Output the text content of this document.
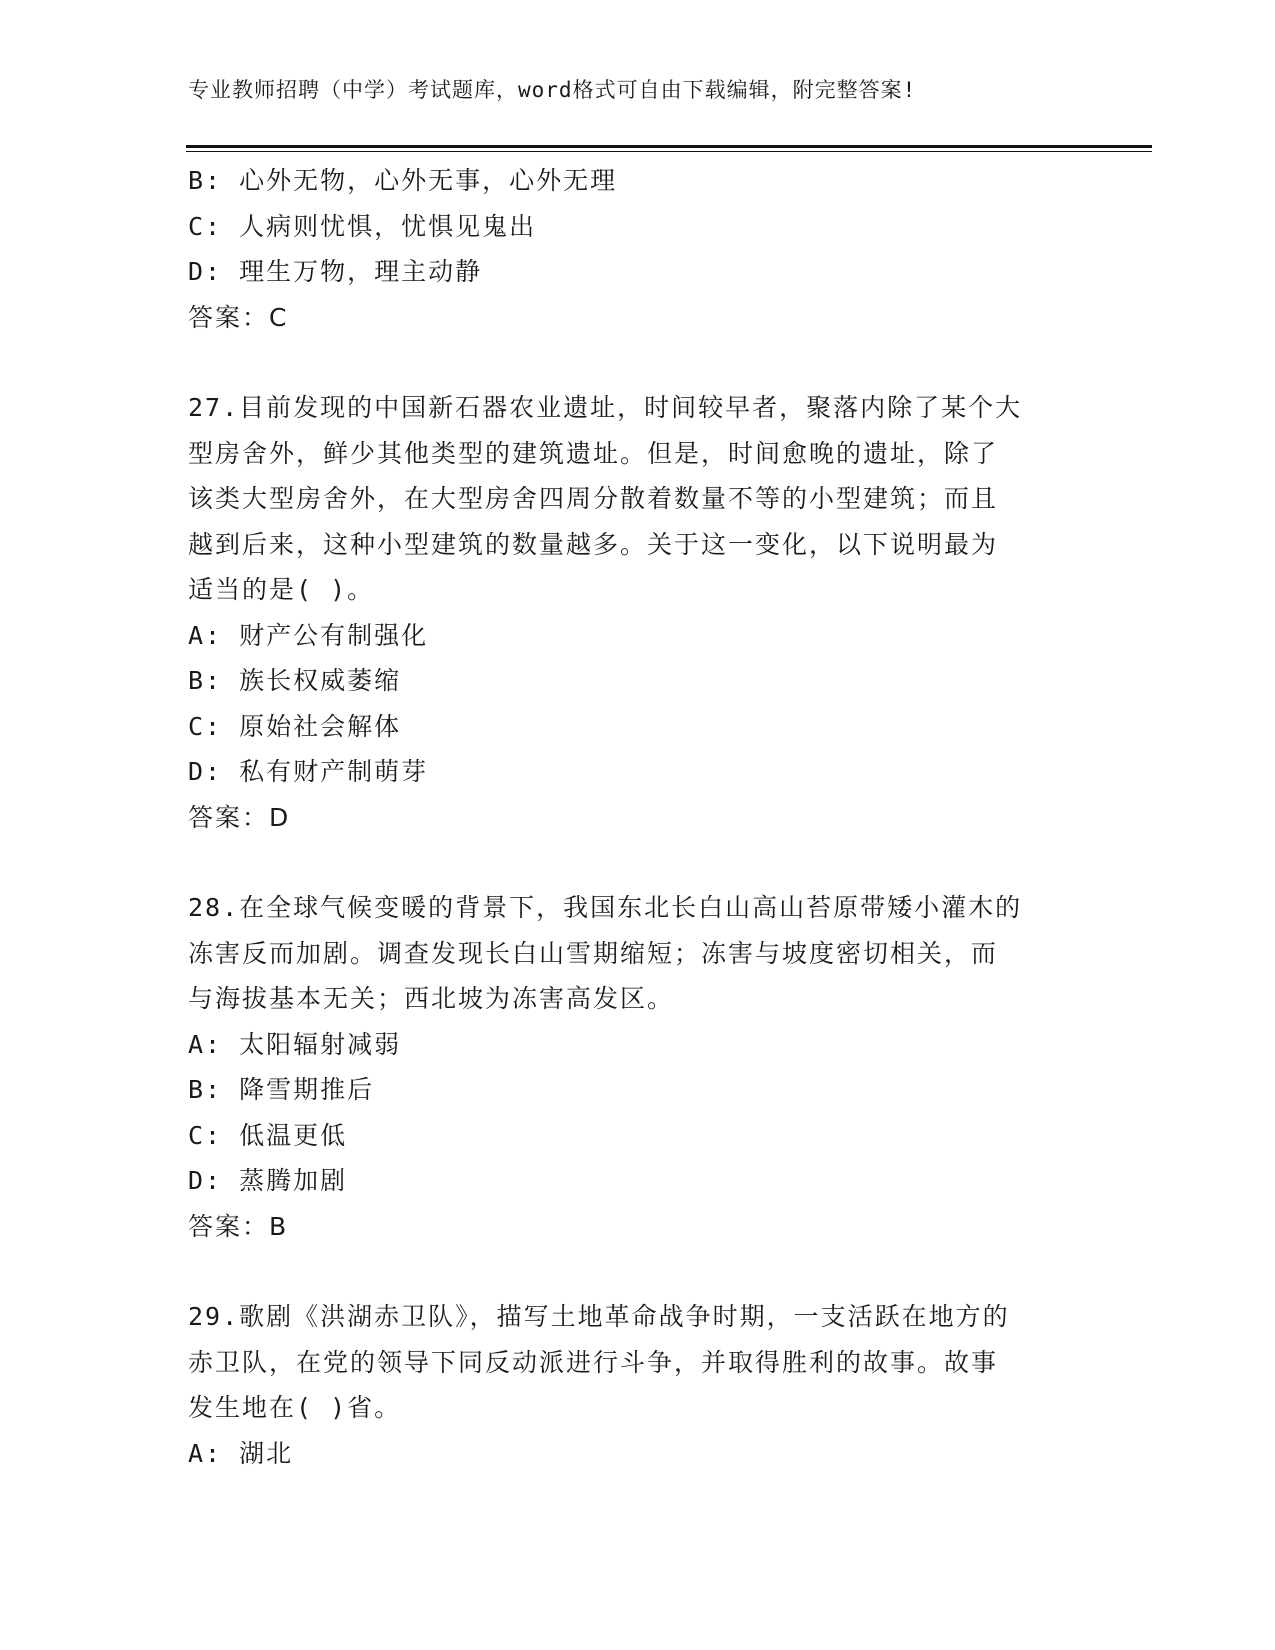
专业教师招聘（中学）考试题库，word格式可自由下载编辑，附完整答案!
B: 心外无物，心外无事，心外无理
C: 人病则忧惧，忧惧见鬼出
D: 理生万物，理主动静
答案：C
27.目前发现的中国新石器农业遗址，时间较早者，聚落内除了某个大
型房舍外，鲜少其他类型的建筑遗址。但是，时间愈晚的遗址，除了
该类大型房舍外，在大型房舍四周分散着数量不等的小型建筑；而且
越到后来，这种小型建筑的数量越多。关于这一变化，以下说明最为
适当的是( )。
A: 财产公有制强化
B: 族长权威萎缩
C: 原始社会解体
D: 私有财产制萌芽
答案：D
28.在全球气候变暖的背景下，我国东北长白山高山苔原带矮小灌木的
冻害反而加剧。调查发现长白山雪期缩短；冻害与坡度密切相关，而
与海拔基本无关；西北坡为冻害高发区。
A: 太阳辐射减弱
B: 降雪期推后
C: 低温更低
D: 蒸腾加剧
答案：B
29.歌剧《洪湖赤卫队》，描写土地革命战争时期，一支活跃在地方的
赤卫队，在党的领导下同反动派进行斗争，并取得胜利的故事。故事
发生地在( )省。
A: 湖北
